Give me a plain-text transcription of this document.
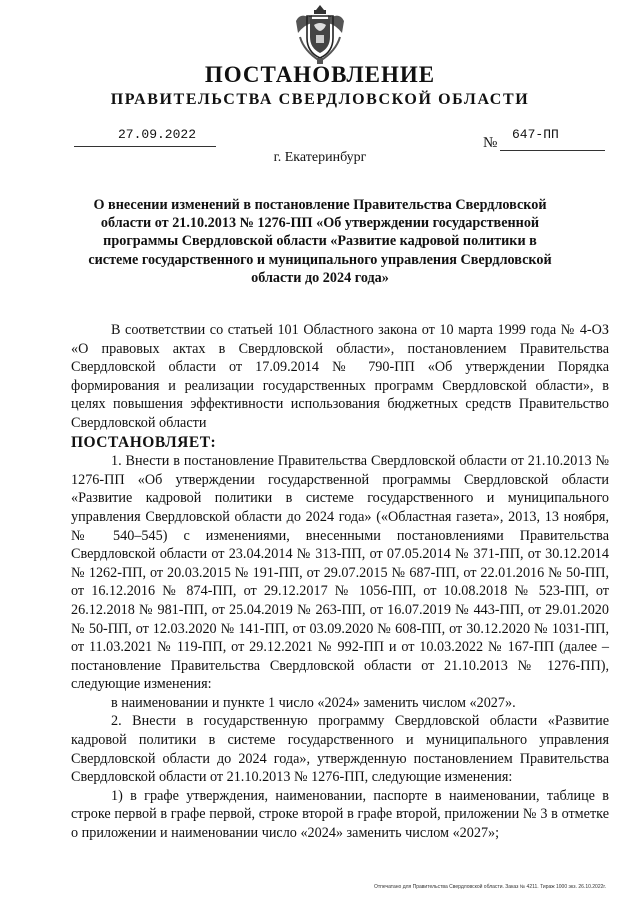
ПОСТАНОВЛЕНИЕ
ПРАВИТЕЛЬСТВА СВЕРДЛОВСКОЙ ОБЛАСТИ
27.09.2022
№
647-ПП
г. Екатеринбург
О внесении изменений в постановление Правительства Свердловской области от 21.10.2013 № 1276-ПП «Об утверждении государственной программы Свердловской области «Развитие кадровой политики в системе государственного и муниципального управления Свердловской области до 2024 года»

В соответствии со статьей 101 Областного закона от 10 марта 1999 года № 4-ОЗ «О правовых актах в Свердловской области», постановлением Правительства Свердловской области от 17.09.2014 № 790-ПП «Об утверждении Порядка формирования и реализации государственных программ Свердловской области», в целях повышения эффективности использования бюджетных средств Правительство Свердловской области

ПОСТАНОВЛЯЕТ:

1. Внести в постановление Правительства Свердловской области от 21.10.2013 № 1276-ПП «Об утверждении государственной программы Свердловской области «Развитие кадровой политики в системе государственного и муниципального управления Свердловской области до 2024 года» («Областная газета», 2013, 13 ноября, № 540–545) с изменениями, внесенными постановлениями Правительства Свердловской области от 23.04.2014 № 313-ПП, от 07.05.2014 № 371-ПП, от 30.12.2014 № 1262-ПП, от 20.03.2015 № 191-ПП, от 29.07.2015 № 687-ПП, от 22.01.2016 № 50-ПП, от 16.12.2016 № 874-ПП, от 29.12.2017 № 1056-ПП, от 10.08.2018 № 523-ПП, от 26.12.2018 № 981-ПП, от 25.04.2019 № 263-ПП, от 16.07.2019 № 443-ПП, от 29.01.2020 № 50-ПП, от 12.03.2020 № 141-ПП, от 03.09.2020 № 608-ПП, от 30.12.2020 № 1031-ПП, от 11.03.2021 № 119-ПП, от 29.12.2021 № 992-ПП и от 10.03.2022 № 167-ПП (далее – постановление Правительства Свердловской области от 21.10.2013 № 1276-ПП), следующие изменения:

в наименовании и пункте 1 число «2024» заменить числом «2027».

2. Внести в государственную программу Свердловской области «Развитие кадровой политики в системе государственного и муниципального управления Свердловской области до 2024 года», утвержденную постановлением Правительства Свердловской области от 21.10.2013 № 1276-ПП, следующие изменения:

1) в графе утверждения, наименовании, паспорте в наименовании, таблице в строке первой в графе первой, строке второй в графе второй, приложении № 3 в отметке о приложении и наименовании число «2024» заменить числом «2027»;

Отпечатано для Правительства Свердловской области. Заказ № 4211. Тираж 1000 экз. 26.10.2022г.
